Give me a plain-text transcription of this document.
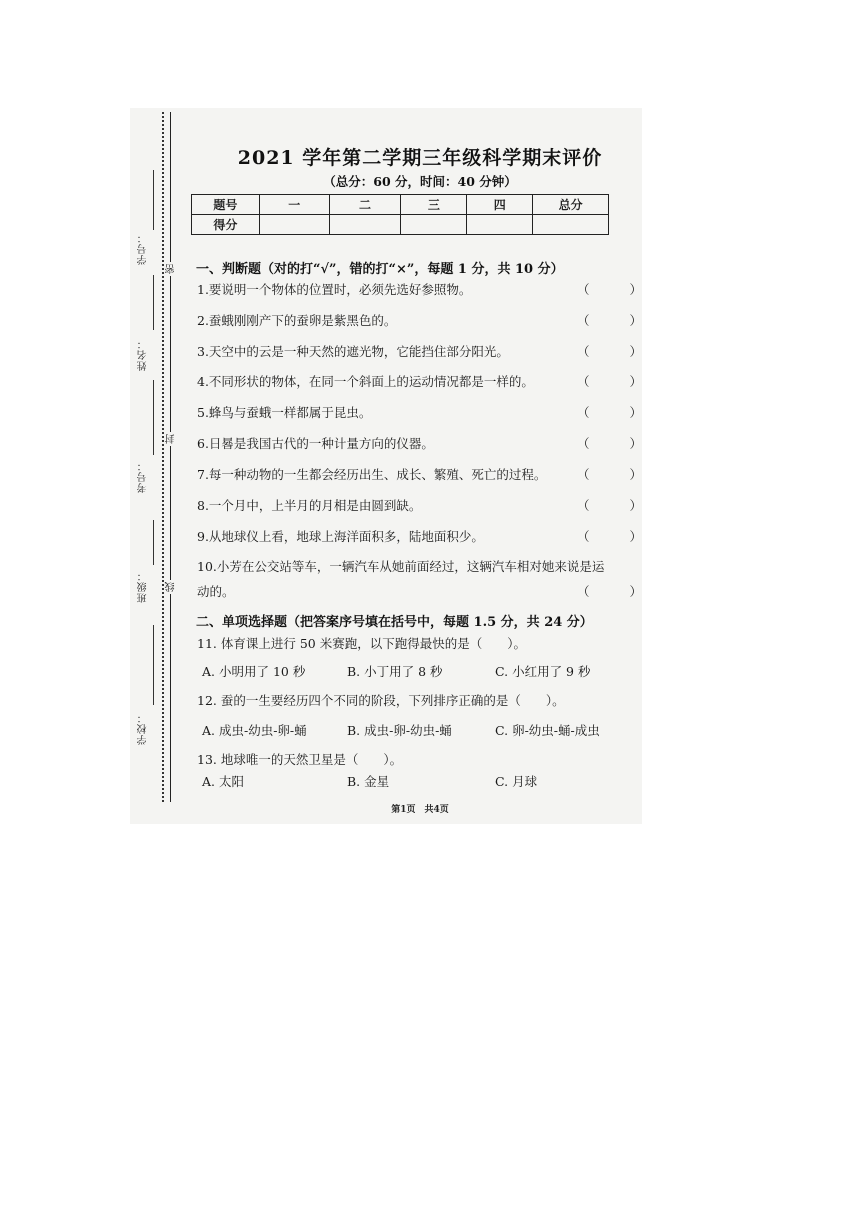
学号：
密
姓名：
封
考号：
班级： 线
学校：
2021 学年第二学期三年级科学期末评价
（总分：60 分，时间：40 分钟）
题号	一	二	三	四	总分
得分					
一、判断题（对的打“√”，错的打“×”，每题 1 分，共 10 分）
1.要说明一个物体的位置时，必须先选好参照物。	（ ）
2.蚕蛾刚刚产下的蚕卵是紫黑色的。	（ ）
3.天空中的云是一种天然的遮光物，它能挡住部分阳光。	（ ）
4.不同形状的物体，在同一个斜面上的运动情况都是一样的。	（ ）
5.蜂鸟与蚕蛾一样都属于昆虫。	（ ）
6.日晷是我国古代的一种计量方向的仪器。	（ ）
7.每一种动物的一生都会经历出生、成长、繁殖、死亡的过程。 （ ）
8.一个月中，上半月的月相是由圆到缺。	（ ）
9.从地球仪上看，地球上海洋面积多，陆地面积少。	（ ）
10.小芳在公交站等车，一辆汽车从她前面经过，这辆汽车相对她来说是运
动的。	（ ）
二、单项选择题（把答案序号填在括号中，每题 1.5 分，共 24 分）
11. 体育课上进行 50 米赛跑，以下跑得最快的是（　　）。
A. 小明用了 10 秒	B. 小丁用了 8 秒	C. 小红用了 9 秒
12. 蚕的一生要经历四个不同的阶段，下列排序正确的是（　　）。
A. 成虫-幼虫-卵-蛹	B. 成虫-卵-幼虫-蛹	C. 卵-幼虫-蛹-成虫
13. 地球唯一的天然卫星是（　　）。
A. 太阳	B. 金星	C. 月球
第1页　共4页
